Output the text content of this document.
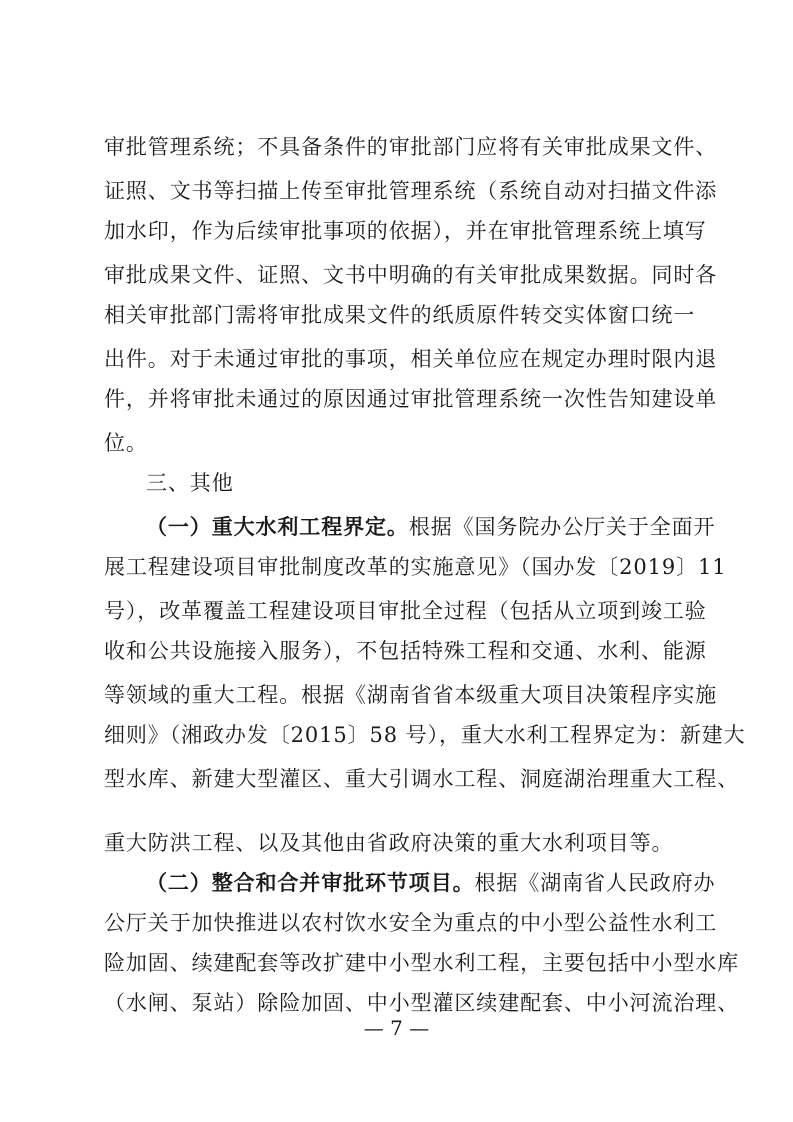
审批管理系统；不具备条件的审批部门应将有关审批成果文件、
证照、文书等扫描上传至审批管理系统（系统自动对扫描文件添
加水印，作为后续审批事项的依据），并在审批管理系统上填写
审批成果文件、证照、文书中明确的有关审批成果数据。同时各
相关审批部门需将审批成果文件的纸质原件转交实体窗口统一
出件。对于未通过审批的事项，相关单位应在规定办理时限内退
件，并将审批未通过的原因通过审批管理系统一次性告知建设单
位。
三、其他
（一）重大水利工程界定。根据《国务院办公厅关于全面开
展工程建设项目审批制度改革的实施意见》（国办发〔2019〕11
号），改革覆盖工程建设项目审批全过程（包括从立项到竣工验
收和公共设施接入服务），不包括特殊工程和交通、水利、能源
等领域的重大工程。根据《湖南省省本级重大项目决策程序实施
细则》（湘政办发〔2015〕58 号），重大水利工程界定为：新建大
型水库、新建大型灌区、重大引调水工程、洞庭湖治理重大工程、
重大防洪工程、以及其他由省政府决策的重大水利项目等。
（二）整合和合并审批环节项目。根据《湖南省人民政府办
公厅关于加快推进以农村饮水安全为重点的中小型公益性水利工
— 7 —
险加固、续建配套等改扩建中小型水利工程，主要包括中小型水库
（水闸、泵站）除险加固、中小型灌区续建配套、中小河流治理、
